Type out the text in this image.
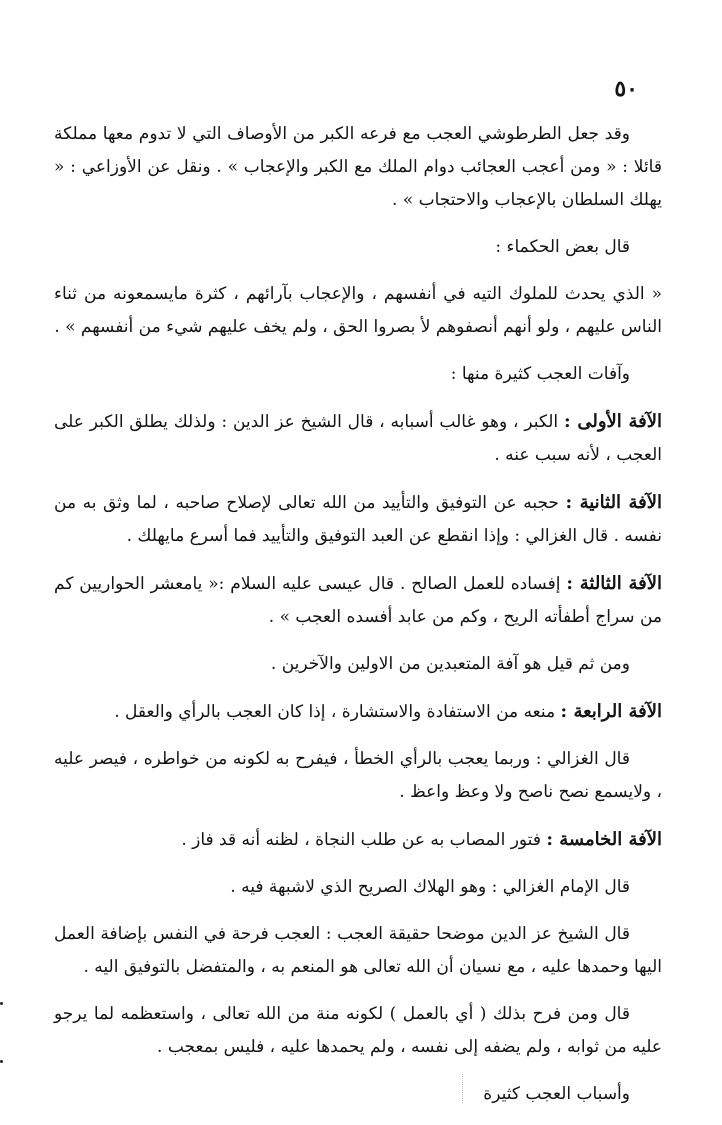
٥٠

وقد جعل الطرطوشي العجب مع فرعه الكبر من الأوصاف التي لا تدوم معها مملكة قائلا : « ومن أعجب العجائب دوام الملك مع الكبر والإعجاب » . ونقل عن الأوزاعي : « يهلك السلطان بالإعجاب والاحتجاب » .

قال بعض الحكماء :

« الذي يحدث للملوك التيه في أنفسهم ، والإعجاب بآرائهم ، كثرة مايسمعونه من ثناء الناس عليهم ، ولو أنهم أنصفوهم لأ بصروا الحق ، ولم يخف عليهم شيء من أنفسهم » .

وآفات العجب كثيرة منها :

الآفة الأولى : الكبر ، وهو غالب أسبابه ، قال الشيخ عز الدين : ولذلك يطلق الكبر على العجب ، لأنه سبب عنه .

الآفة الثانية : حجبه عن التوفيق والتأييد من الله تعالى لإصلاح صاحبه ، لما وثق به من نفسه . قال الغزالي : وإذا انقطع عن العبد التوفيق والتأييد فما أسرع مايهلك .

الآفة الثالثة : إفساده للعمل الصالح . قال عيسى عليه السلام :« يامعشر الحواريين كم من سراج أطفأته الريح ، وكم من عابد أفسده العجب » .

ومن ثم قيل هو آفة المتعبدين من الاولين والآخرين .

الآفة الرابعة : منعه من الاستفادة والاستشارة ، إذا كان العجب بالرأي والعقل .

قال الغزالي : وربما يعجب بالرأي الخطأ ، فيفرح به لكونه من خواطره ، فيصر عليه ، ولايسمع نصح ناصح ولا وعظ واعظ .

الآفة الخامسة : فتور المصاب به عن طلب النجاة ، لظنه أنه قد فاز .

قال الإمام الغزالي : وهو الهلاك الصريح الذي لاشبهة فيه .

قال الشيخ عز الدين موضحا حقيقة العجب : العجب فرحة في النفس بإضافة العمل اليها وحمدها عليه ، مع نسيان أن الله تعالى هو المنعم به ، والمتفضل بالتوفيق اليه .

قال ومن فرح بذلك ( أي بالعمل ) لكونه منة من الله تعالى ، واستعظمه لما يرجو عليه من ثوابه ، ولم يضفه إلى نفسه ، ولم يحمدها عليه ، فليس بمعجب .

وأسباب العجب كثيرة
